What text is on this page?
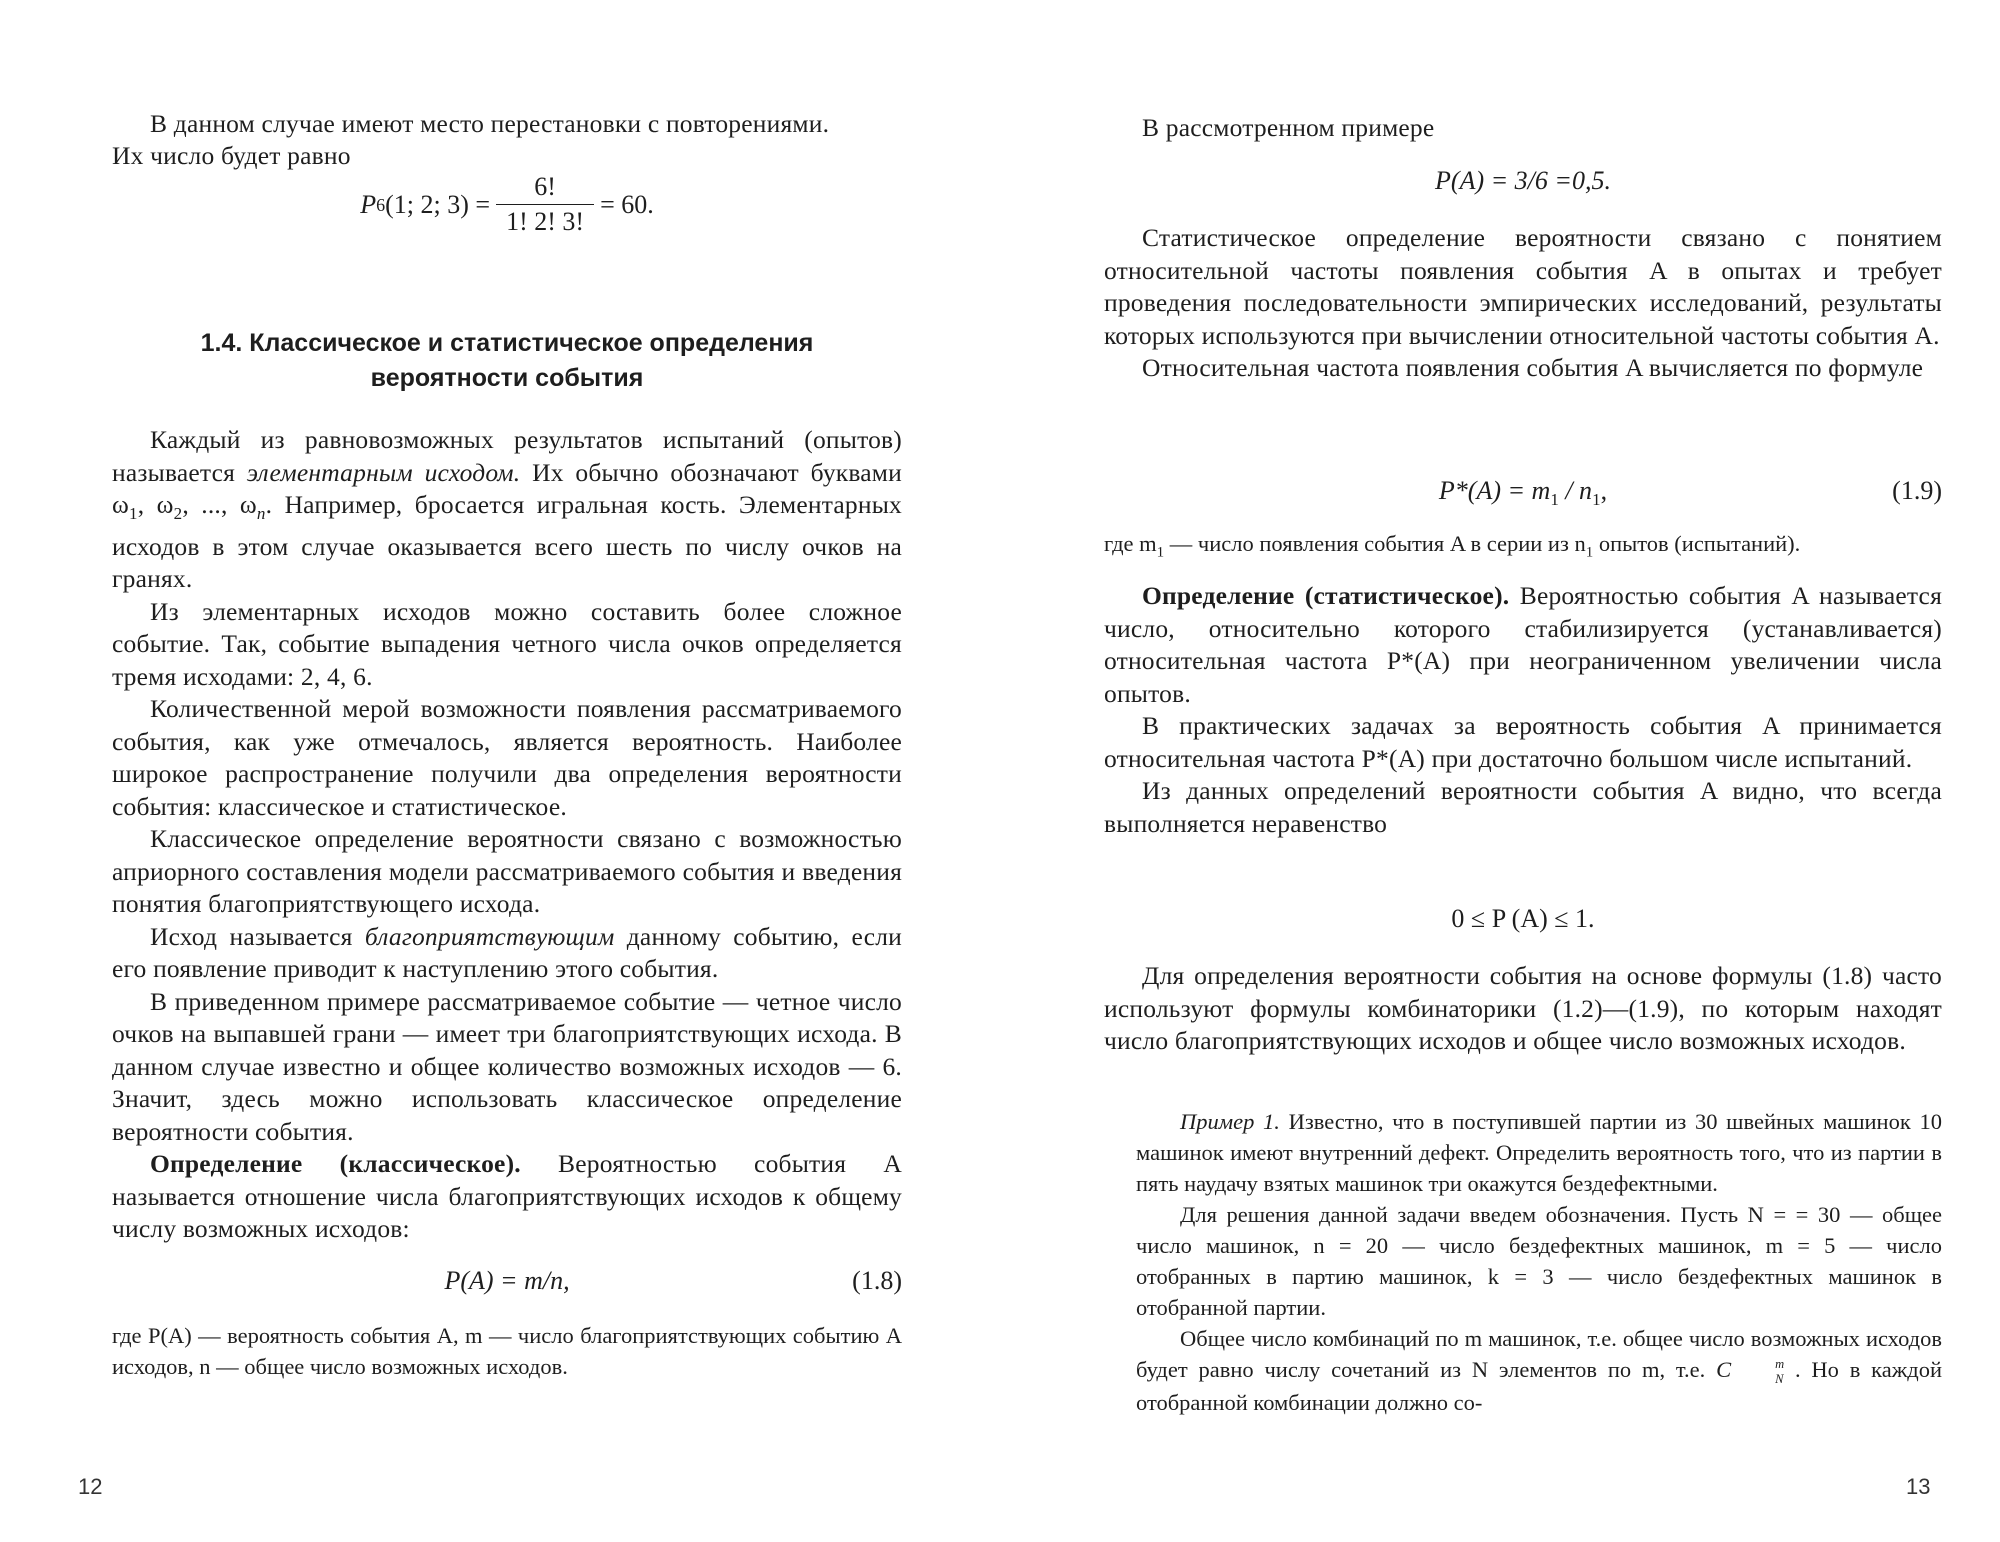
В данном случае имеют место перестановки с повторениями.

Их число будет равно

P 6 (1; 2; $3) = \frac{6!}{1! 2! 3!} = 60$.
1.4. Классическое и статистическое определения
вероятности события

Каждый из равновозможных результатов испытаний (опытов) называется элементарным исходом. Их обычно обозначают буквами $\omega_1$, $\omega_2$, ..., $\omega_n$. Например, бросается игральная кость. Элементарных исходов в этом случае оказывается всего шесть по числу очков на гранях.

Из элементарных исходов можно составить более сложное событие. Так, событие выпадения четного числа очков определяется тремя исходами: 2, 4, 6.

Количественной мерой возможности появления рассматриваемого события, как уже отмечалось, является вероятность. Наиболее широкое распространение получили два определения вероятности события: классическое и статистическое.

Классическое определение вероятности связано с возможностью априорного составления модели рассматриваемого события и введения понятия благоприятствующего исхода.

Исход называется благоприятствующим данному событию, если его появление приводит к наступлению этого события.

В приведенном примере рассматриваемое событие — четное число очков на выпавшей грани — имеет три благоприятствующих исхода. В данном случае известно и общее количество возможных исходов — 6. Значит, здесь можно использовать классическое определение вероятности события.

Определение (классическое). Вероятностью события A называется отношение числа благоприятствующих исходов к общему числу возможных исходов:

P(A) = m/n,	(1.8)

где P(A) — вероятность события A, m — число благоприятствующих событию A исходов, n — общее число возможных исходов.

12

В рассмотренном примере

P(A) = 3/6 =0,5.

Статистическое определение вероятности связано с понятием относительной частоты появления события A в опытах и требует проведения последовательности эмпирических исследований, результаты которых используются при вычислении относительной частоты события A.

Относительная частота появления события A вычисляется по формуле

$P*(A) = m_1 / n_1$,	(1.9)

где $m_1$ — число появления события A в серии из $n_1$ опытов (испытаний).

Определение (статистическое). Вероятностью события A называется число, относительно которого стабилизируется (устанавливается) относительная частота P*(A) при неограниченном увеличении числа опытов.

В практических задачах за вероятность события A принимается относительная частота P*(A) при достаточно большом числе испытаний.

Из данных определений вероятности события A видно, что всегда выполняется неравенство

0 ≤ P (A) ≤ 1.

Для определения вероятности события на основе формулы (1.8) часто используют формулы комбинаторики (1.2)—(1.9), по которым находят число благоприятствующих исходов и общее число возможных исходов.

Пример 1. Известно, что в поступившей партии из 30 швейных машинок 10 машинок имеют внутренний дефект. Определить вероятность того, что из партии в пять наудачу взятых машинок три окажутся бездефектными.

Для решения данной задачи введем обозначения. Пусть N = = 30 — общее число машинок, n = 20 — число бездефектных машинок, m = 5 — число отобранных в партию машинок, k = 3 — число бездефектных машинок в отобранной партии.

Общее число комбинаций по m машинок, т.е. общее число возможных исходов будет равно числу сочетаний из N элементов по m, т.е. C	m
N . Но в каждой отобранной комбинации должно со-

13
